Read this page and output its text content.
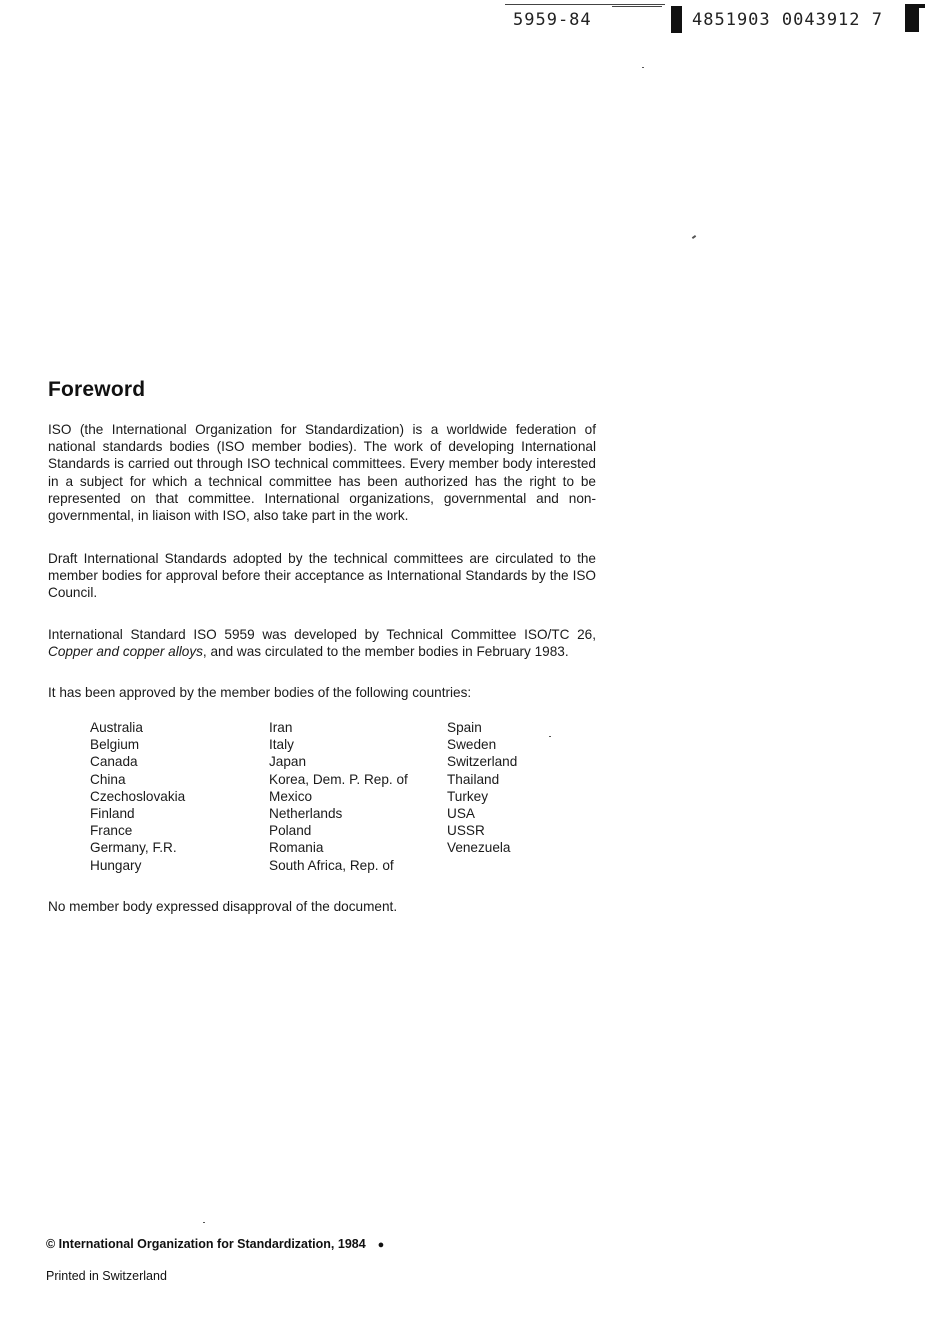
5959-84	4851903 0043912 7
Foreword

ISO (the International Organization for Standardization) is a worldwide federation of national standards bodies (ISO member bodies). The work of developing International Standards is carried out through ISO technical committees. Every member body interested in a subject for which a technical committee has been authorized has the right to be represented on that committee. International organizations, governmental and non-governmental, in liaison with ISO, also take part in the work.

Draft International Standards adopted by the technical committees are circulated to the member bodies for approval before their acceptance as International Standards by the ISO Council.

International Standard ISO 5959 was developed by Technical Committee ISO/TC 26, Copper and copper alloys, and was circulated to the member bodies in February 1983.

It has been approved by the member bodies of the following countries:

Australia
Belgium
Canada
China
Czechoslovakia
Finland
France
Germany, F.R.
Hungary
Iran
Italy
Japan
Korea, Dem. P. Rep. of
Mexico
Netherlands
Poland
Romania
South Africa, Rep. of
Spain
Sweden
Switzerland
Thailand
Turkey
USA
USSR
Venezuela

No member body expressed disapproval of the document.

© International Organization for Standardization, 1984 ●
Printed in Switzerland
